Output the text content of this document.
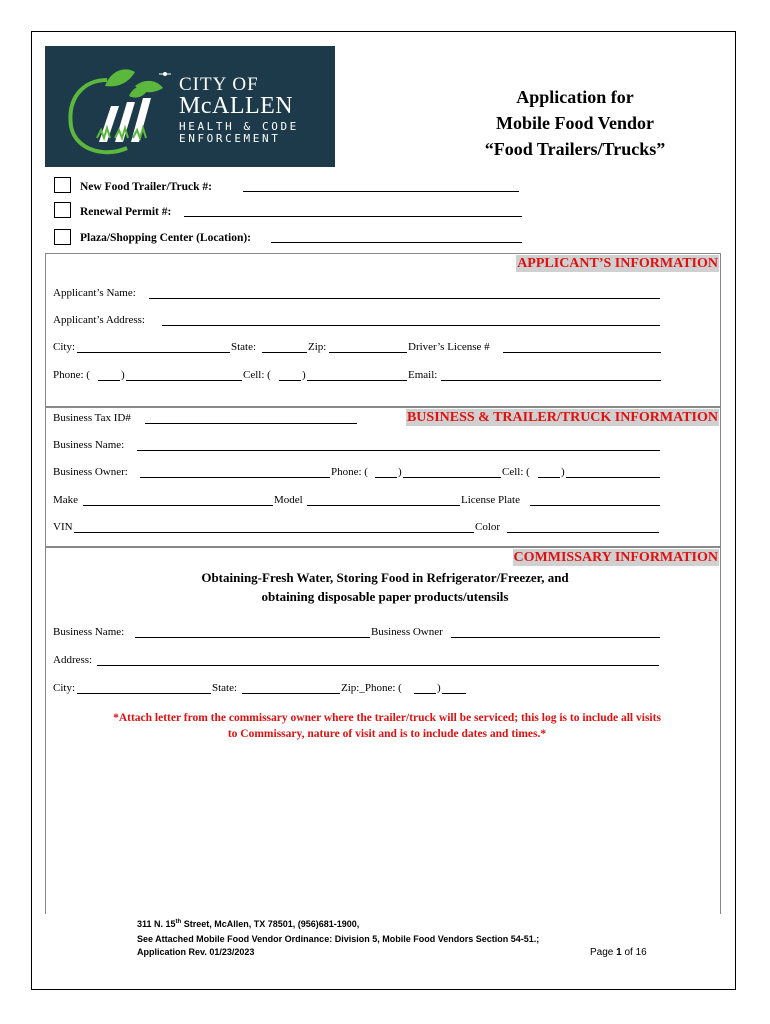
CITY OF
McALLEN
HEALTH & CODE
ENFORCEMENT
Application for
Mobile Food Vendor
“Food Trailers/Trucks”
New Food Trailer/Truck #:
Renewal Permit #:
Plaza/Shopping Center (Location):
APPLICANT’S INFORMATION
Applicant’s Name:
Applicant’s Address:
City:	State:	Zip:	Driver’s License #
Phone: (	)	Cell: (	)	Email:
BUSINESS & TRAILER/TRUCK INFORMATION
Business Tax ID#
Business Name:
Business Owner:	Phone: (	)	Cell: (	)
Make	Model	License Plate
VIN	Color
COMMISSARY INFORMATION
Obtaining-Fresh Water, Storing Food in Refrigerator/Freezer, and
obtaining disposable paper products/utensils
Business Name:	Business Owner
Address:
City:	State:	Zip:_Phone: (	)
*Attach letter from the commissary owner where the trailer/truck will be serviced; this log is to include all visits
to Commissary, nature of visit and is to include dates and times.*
311 N. 15th Street, McAllen, TX 78501, (956)681-1900,
See Attached Mobile Food Vendor Ordinance: Division 5, Mobile Food Vendors Section 54-51.;
Application Rev. 01/23/2023	Page 1 of 16
